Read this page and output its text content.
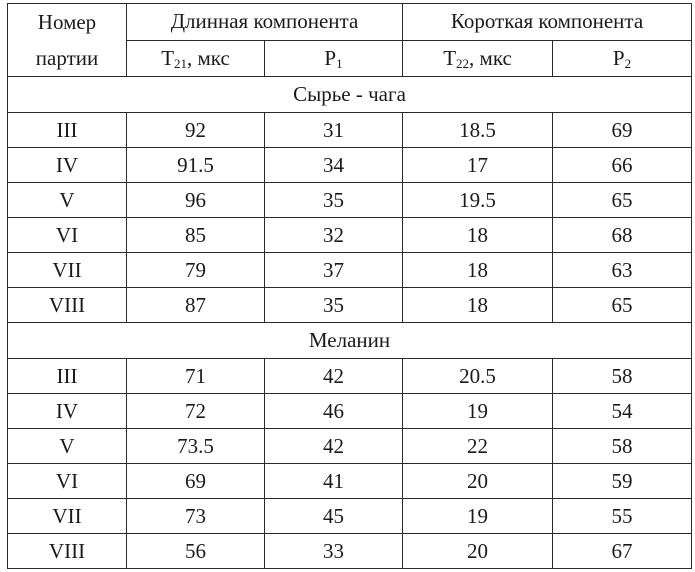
Номер
партии	Длинная компонента		Короткая компонента	
	$T_{21}$, мкс	$P_1$	$T_{22}$, мкс	$P_2$
Сырье - чага				
III	92	31	18.5	69
IV	91.5	34	17	66
V	96	35	19.5	65
VI	85	32	18	68
VII	79	37	18	63
VIII	87	35	18	65
Меланин				
III	71	42	20.5	58
IV	72	46	19	54
V	73.5	42	22	58
VI	69	41	20	59
VII	73	45	19	55
VIII	56	33	20	67
